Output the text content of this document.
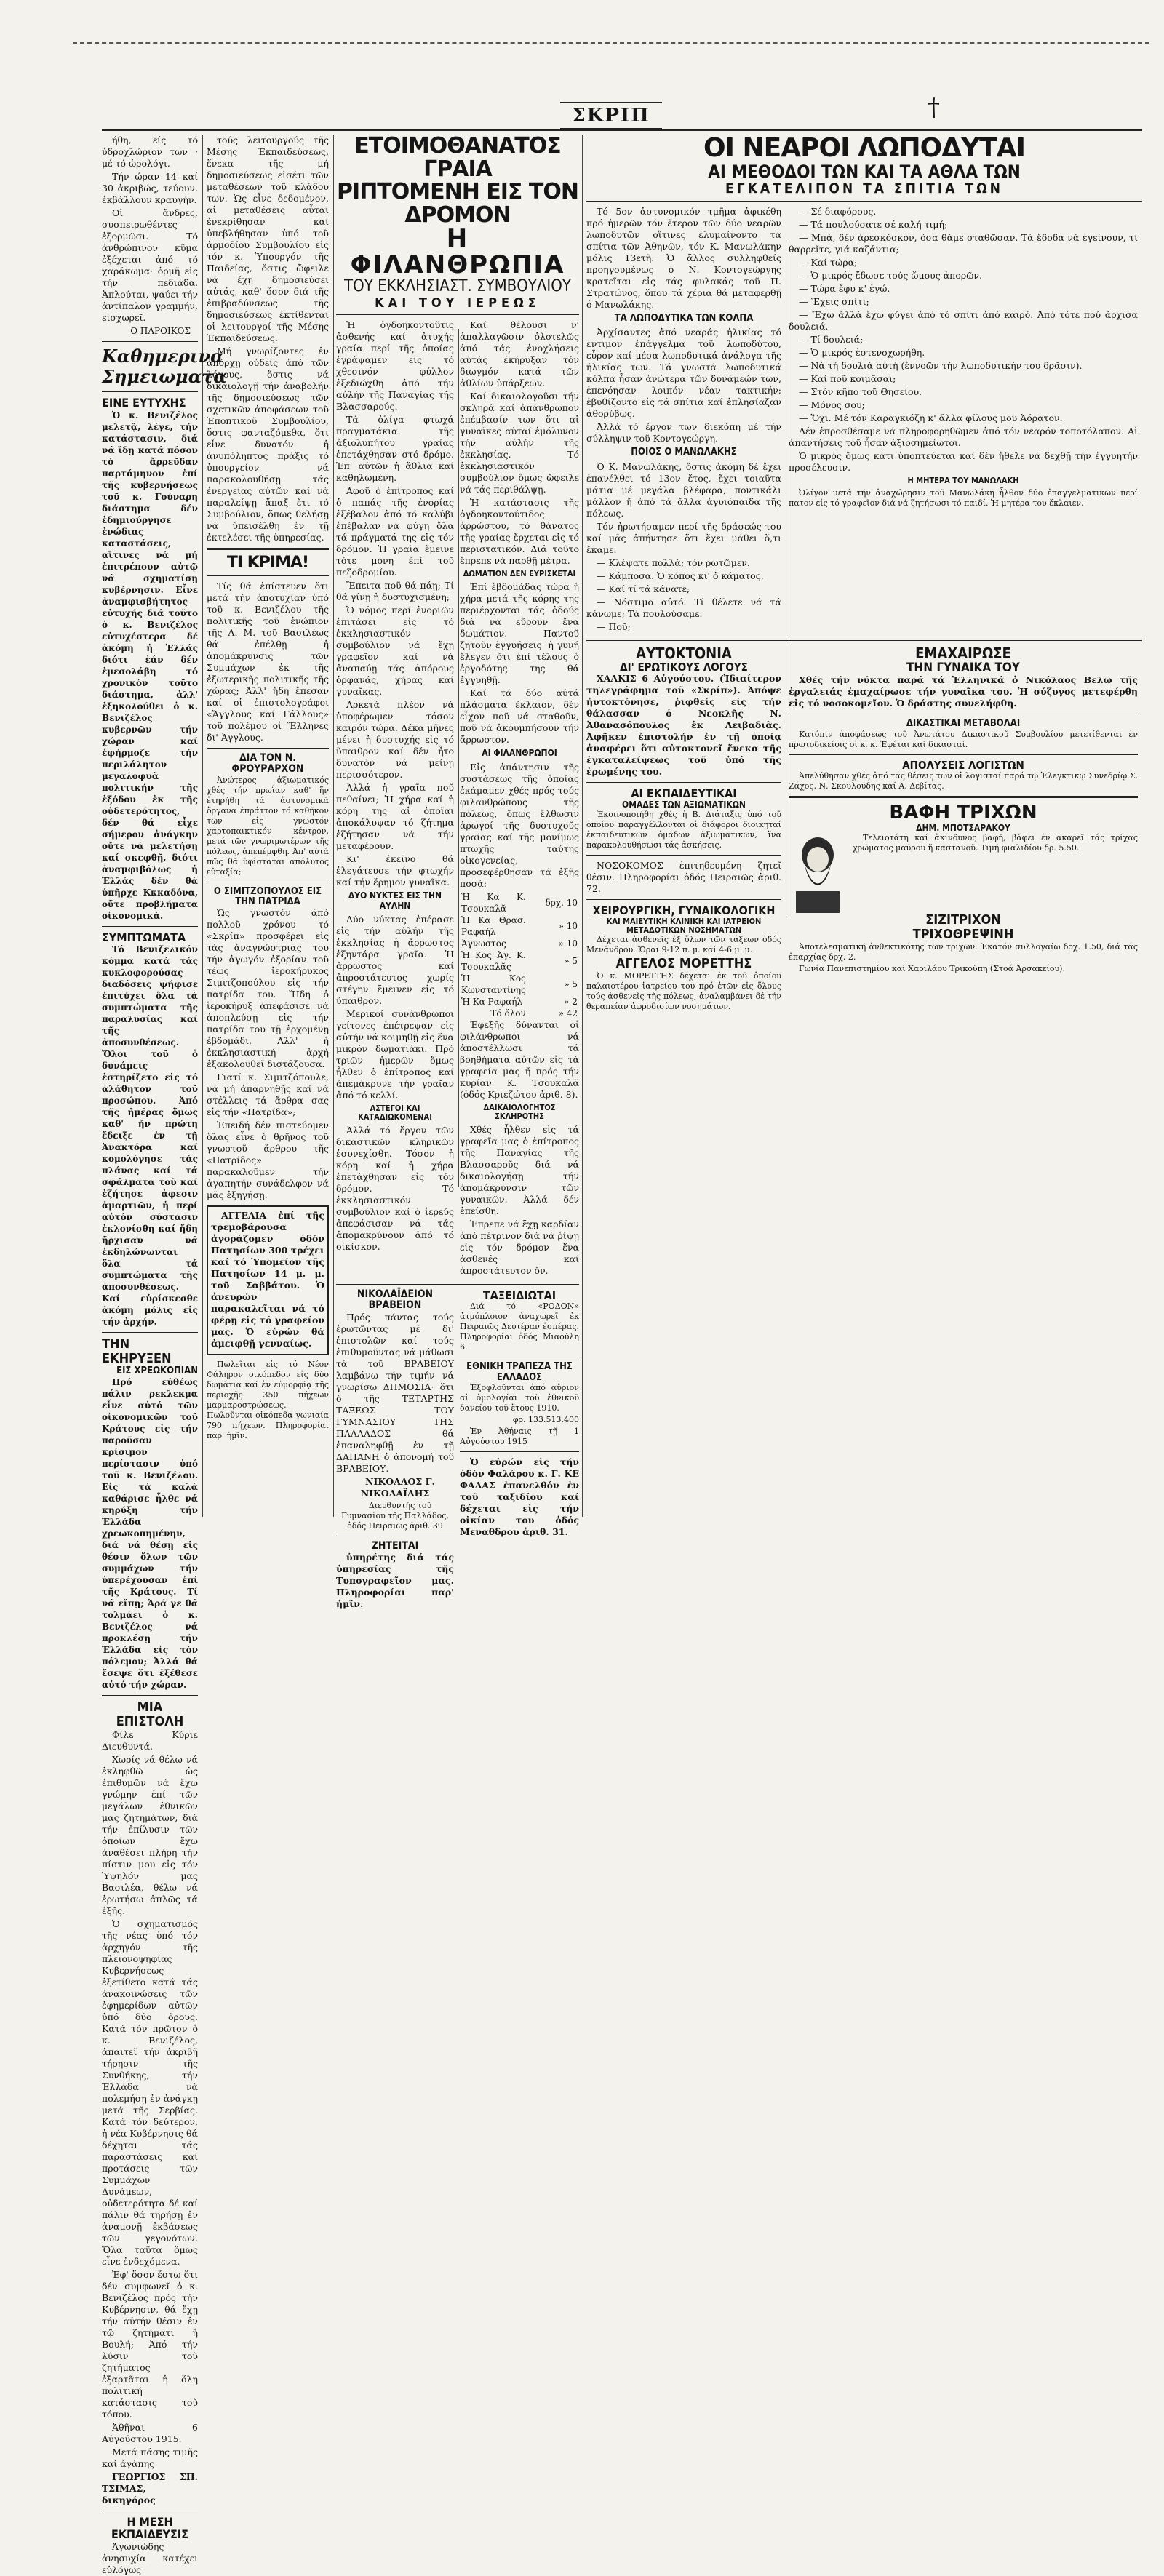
ΣΚΡΙΠ	†

ήθη, είς τό ὑδροχλώριον των · μέ τό ὡρολόγι.

Τήν ώραν 14 καί 30 ἀκριβώς, τεύουν. ἐκβάλλουν κραυγήν.

Οἱ ἄνδρες, συσπειρωθέντες ἐξορμῶσι. Τό ἀνθρώπινον κῦμα ἐξέχεται ἀπό τό χαράκωμα· ὁρμῆ εἰς τήν πεδιάδα. Ἀπλούται, ψαύει τήν ἀντίπαλον γραμμήν, εἰσχωρεῖ.

Ο ΠΑΡΟΙΚΟΣ
Καθημερινα
Σημειωματα
ΕΙΝΕ ΕΥΤΥΧΗΣ

Ὁ κ. Βενιζέλος μελετᾷ, λέγε, τήν κατάστασιν, διά νά ἴδῃ κατά πόσον τό ἄρρεῦδαν παρτάμηνον ἐπί τῆς κυβερνήσεως τοῦ κ. Γούναρη διάστημα δέν ἐδημιούργησε ἐνώδιας καταστάσεις, αἵτινες νά μή ἐπιτρέπουν αὐτῷ νά σχηματίσῃ κυβέρνησιν. Εἶνε ἀναμφισβήτητος εὐτυχής διά τοῦτο ὁ κ. Βενιζέλος εὐτυχέστερα δέ ἀκόμη ἡ Ἑλλάς διότι ἐάν δέν ἐμεσολάβη τό χρονικόν τοῦτο διάστημα, ἀλλ' ἐξηκολούθει ὁ κ. Βενιζέλος κυβερνῶν τήν χώραν καί ἐφήρμοζε τήν περιλάλητον μεγαλοφυᾶ πολιτικήν τῆς ἐξόδου ἐκ τῆς οὐδετερότητος, δέν θά εἶχε σήμερον ἀνάγκην οὔτε νά μελετήσῃ καί σκεφθῇ, διότι ἀναμφιβόλως ἡ Ἑλλάς δέν θά ὑπῆρχε Κκκαδόνα, οὔτε προβλήματα οἰκονομικά.

ΣΥΜΠΤΩΜΑΤΑ

Τό Βενιζελικόν κόμμα κατά τάς κυκλοφορούσας διαδόσεις ψήφισε ἐπιτύχει ὅλα τά συμπτώματα τῆς παραλυσίας καί τῆς ἀποσυνθέσεως. Ὅλοι τοῦ ὁ δυνάμεις ἐστηρίζετο εἰς τό ἀλάθητον τοῦ προσώπου. Ἀπό τῆς ἡμέρας ὅμως καθ' ἥν πρώτη ἔδειξε ἐν τῇ Ἀνακτόρα καί κομολόγησε τάς πλάνας καί τά σφάλματα τοῦ καί ἐζήτησε ἀφεσιν ἁμαρτιῶν, ἡ περί αὐτόν σύστασιν ἐκλονίσθη καί ἤδη ἤρχισαν νά ἐκδηλώνωνται ὅλα τά συμπτώματα τῆς ἀποσυνθέσεως. Καί εὑρίσκεσθε ἀκόμη μόλις εἰς τήν ἀρχήν.

ΤΗΝ ΕΚΗΡΥΞΕΝ
ΕΙΣ ΧΡΕΩΚΟΠΙΑΝ

Πρό εὐθέως πάλιν ρεκλεκμα εἶνε αὐτό τῶν οἰκονομικῶν τοῦ Κράτους εἰς τήν παροῦσαν κρίσιμον περίστασιν ὑπό τοῦ κ. Βενιζέλου. Εἰς τά καλά καθάρισε ἦλθε νά κηρύξη τήν Ἑλλάδα χρεωκοπημένην, διά νά θέσῃ εἰς θέσιν ὅλων τῶν συμμάχων τήν ὑπερέχουσαν ἐπί τῆς Κράτους. Τί νά εἴπῃ; Ἀρά γε θά τολμάει ὁ κ. Βενιζέλος νά προκλέσῃ τήν Ἑλλάδα εἰς τόν πόλεμον; Ἀλλά θά ἔσεψε ὅτι ἐξέθεσε αὐτό τήν χώραν.

ΜΙΑ ΕΠΙΣΤΟΛΗ

Φίλε Κύριε Διευθυντά,

Χωρίς νά θέλω νά ἐκληφθῶ ὡς ἐπιθυμῶν νά ἔχω γνώμην ἐπί τῶν μεγάλων ἐθνικῶν μας ζητημάτων, διά τήν ἐπίλυσιν τῶν ὁποίων ἔχω ἀναθέσει πλήρη τήν πίστιν μου εἰς τόν Ὑψηλόν μας Βασιλέα, θέλω νά ἐρωτήσω ἁπλῶς τά ἑξῆς.

Ὁ σχηματισμός τῆς νέας ὑπό τόν ἀρχηγόν τῆς πλειονοψηφίας Κυβερνήσεως ἐξετίθετο κατά τάς ἀνακοινώσεις τῶν ἐφημερίδων αὐτῶν ὑπό δύο ὄρους. Κατά τόν πρῶτον ὁ κ. Βενιζέλος, ἀπαιτεῖ τήν ἀκριβῆ τήρησιν τῆς Συνθήκης, τήν Ἑλλάδα νά πολεμήσῃ ἐν ἀνάγκῃ μετά τῆς Σερβίας. Κατά τόν δεύτερον, ἡ νέα Κυβέρνησις θά δέχηται τάς παραστάσεις καί προτάσεις τῶν Συμμάχων Δυνάμεων, οὐδετερότητα δέ καί πάλιν θά τηρήσῃ ἐν ἀναμονῇ ἐκβάσεως τῶν γεγονότων. Ὅλα ταῦτα ὅμως εἶνε ἐνδεχόμενα.

Ἐφ' ὅσον ἔστω ὅτι δέν συμφωνεῖ ὁ κ. Βενιζέλος πρός τήν Κυβέρνησιν, θά ἔχῃ τήν αὐτήν θέσιν ἐν τῷ ζητήματι ἡ Βουλή; Ἀπό τήν λύσιν τοῦ ζητήματος ἐξαρτᾶται ἡ ὅλη πολιτική κατάστασις τοῦ τόπου.

Ἀθῆναι 6 Αὐγούστου 1915.

Μετά πάσης τιμῆς καί ἀγάπης

ΓΕΩΡΓΙΟΣ ΣΠ. ΤΣΙΜΑΣ, δικηγόρος

Η ΜΕΣΗ ΕΚΠΑΙΔΕΥΣΙΣ

Ἀγωνιώδης ἀνησυχία κατέχει εὐλόγως

τούς λειτουργούς τῆς Μέσης Ἐκπαιδεύσεως, ἕνεκα τῆς μή δημοσιεύσεως εἰσέτι τῶν μεταθέσεων τοῦ κλάδου των. Ὡς εἶνε δεδομένον, αἱ μεταθέσεις αὗται ἐνεκρίθησαν καί ὑπεβλήθησαν ὑπό τοῦ ἁρμοδίου Συμβουλίου εἰς τόν κ. Ὑπουργόν τῆς Παιδείας, ὅστις ὤφειλε νά ἔχῃ δημοσιεύσει αὐτάς, καθ' ὅσον διά τῆς ἐπιβραδύνσεως τῆς δημοσιεύσεως ἐκτίθενται οἱ λειτουργοί τῆς Μέσης Ἐκπαιδεύσεως.

Μή γνωρίζοντες ἐν ἀπόρχῃ οὐδείς ἀπό τῶν λόγους, ὅστις νά δικαιολογῇ τήν ἀναβολήν τῆς δημοσιεύσεως τῶν σχετικῶν ἀποφάσεων τοῦ Ἐποπτικοῦ Συμβουλίου, ὅστις φανταζόμεθα, ὅτι εἶνε δυνατόν ἡ ἀνυπόληπτος πράξις τό ὑπουργείον νά παρακολουθήσῃ τάς ἐνεργείας αὐτῶν καί νά παραλείψῃ ἄπαξ ἔτι τό Συμβούλιον, ὅπως θελήσῃ νά ὑπεισέλθῃ ἐν τῇ ἐκτελέσει τῆς ὑπηρεσίας.

ΤΙ ΚΡΙΜΑ!

Τίς θά ἐπίστευεν ὅτι μετά τήν ἀποτυχίαν ὑπό τοῦ κ. Βενιζέλου τῆς πολιτικῆς τοῦ ἐνώπιον τῆς Α. Μ. τοῦ Βασιλέως θά ἐπέλθῃ ἡ ἀπομάκρυνσις τῶν Συμμάχων ἐκ τῆς ἐξωτερικῆς πολιτικῆς τῆς χώρας; Ἀλλ' ἤδη ἔπεσαν καί οἱ ἐπιστολογράφοι «Ἄγγλους καί Γάλλους» τοῦ πολέμου οἱ Ἕλληνες δι' Ἀγγλους.

ΔΙΑ ΤΟΝ Ν. ΦΡΟΥΡΑΡΧΟΝ

Ἀνώτερος ἀξιωματικός χθές τήν πρωΐαν καθ' ἥν ἐτηρήθη τά ἀστυνομικά ὄργανα ἐπράττον τό καθῆκον των εἰς γνωστόν χαρτοπαικτικόν κέντρον, μετά τῶν γνωριμωτέρων τῆς πόλεως, ἀπεπέμφθη. Ἀπ' αὐτά πῶς θά ὑφίσταται ἀπόλυτος εὐταξία;

Ο ΣΙΜΙΤΖΟΠΟΥΛΟΣ ΕΙΣ ΤΗΝ ΠΑΤΡΙΔΑ

Ὡς γνωστόν ἀπό πολλοῦ χρόνου τό «Σκρίπ» προσφέρει εἰς τάς ἀναγνώστριας του τήν ἀγωγόν ἐξορίαν τοῦ τέως ἱεροκήρυκος Σιμιτζοπούλου εἰς τήν πατρίδα του. Ἤδη ὁ ἱεροκήρυξ ἀπεφάσισε νά ἀποπλεύσῃ εἰς τήν πατρίδα του τῇ ἐρχομένῃ ἑβδομάδι. Ἀλλ' ἡ ἐκκλησιαστική ἀρχή ἐξακολουθεῖ διστάζουσα.

Γιατί κ. Σιμιτζόπουλε, νά μή ἀπαρνηθῇς καί νά στέλλεις τά ἄρθρα σας εἰς τήν «Πατρίδα»;

Ἐπειδή δέν πιστεύομεν ὅλας εἶνε ὁ θρῆνος τοῦ γνωστοῦ ἄρθρου τῆς «Πατρίδος» παρακαλοῦμεν τήν ἀγαπητήν συνάδελφον νά μᾶς ἐξηγήσῃ.

ΑΓΓΕΛΙΑ ἐπί τῆς τρεμοβάρουσα ἀγοράζομεν ὁδόν Πατησίων 300 τρέχει καί τό Ὑπομείον τῆς Πατησίων 14 μ. μ. τοῦ Σαββάτου. Ὁ ἀνευρών παρακαλεῖται νά τό φέρῃ εἰς τό γραφείον μας. Ὁ εὑρών θά ἀμειφθῇ γενναίως.

Πωλεῖται εἰς τό Νέον Φάληρον οἰκόπεδον εἰς δύο δωμάτια καί ἐν εὐμορφίᾳ τῆς περιοχῆς 350 πήχεων μαρμαροστρώσεως. Πωλοῦνται οἰκόπεδα γωνιαία 790 πήχεων. Πληροφορίαι παρ' ἡμῖν.

ΕΤΟΙΜΟΘΑΝΑΤΟΣ ΓΡΑΙΑ
ΡΙΠΤΟΜΕΝΗ ΕΙΣ ΤΟΝ ΔΡΟΜΟΝ
Η ΦΙΛΑΝΘΡΩΠΙΑ
ΤΟΥ ΕΚΚΛΗΣΙΑΣΤ. ΣΥΜΒΟΥΛΙΟΥ
ΚΑΙ ΤΟΥ ΙΕΡΕΩΣ

Ἡ ὀγδοηκοντοῦτις ἀσθενής καί ἀτυχής γραία περί τῆς ὁποίας ἐγράψαμεν εἰς τό χθεσινόν φύλλον ἐξεδιώχθη ἀπό τήν αὐλήν τῆς Παναγίας τῆς Βλασσαρούς.

Τά ὀλίγα φτωχά πραγματάκια τῆς ἀξιολυπήτου γραίας ἐπετάχθησαν στό δρόμο. Ἐπ' αὐτῶν ἡ ἄθλια καί καθηλωμένη.

Ἀφοῦ ὁ ἐπίτροπος καί ὁ παπάς τῆς ἐνορίας ἐξέβαλον ἀπό τό καλύβι ἐπέβαλαν νά φύγῃ ὅλα τά πράγματά της εἰς τόν δρόμον. Ἡ γραῖα ἔμεινε τότε μόνη ἐπί τοῦ πεζοδρομίου.

Ἔπειτα ποῦ θά πάῃ; Τί θά γίνῃ ἡ δυστυχισμένη;

Ὁ νόμος περί ἐνοριῶν ἐπιτάσει εἰς τό ἐκκλησιαστικόν συμβούλιον νά ἔχῃ γραφεῖον καί νά ἀναπαύῃ τάς ἀπόρους ὀρφανάς, χήρας καί γυναῖκας.

Ἀρκετά πλέον νά ὑποφέρωμεν τόσον καιρόν τώρα. Δέκα μῆνες μένει ἡ δυστυχής εἰς τό ὕπαιθρον καί δέν ἦτο δυνατόν νά μείνῃ περισσότερον.

Ἀλλά ἡ γραῖα ποῦ πεθαίνει; Ἡ χήρα καί ἡ κόρη της αἱ ὁποῖαι ἀποκάλυψαν τό ζήτημα ἐζήτησαν νά τήν μεταφέρουν.

Κι' ἐκεῖνο θά ἐλεγάτευσε τήν φτωχήν καί τήν ἔρημον γυναῖκα.

ΔΥΟ ΝΥΚΤΕΣ ΕΙΣ ΤΗΝ ΑΥΛΗΝ

Δύο νύκτας ἐπέρασε εἰς τήν αὐλήν τῆς ἐκκλησίας ἡ ἄρρωστος ἐξηντάρα γραῖα. Ἡ ἄρρωστος καί ἀπροστάτευτος χωρίς στέγην ἔμεινεν εἰς τό ὕπαιθρον.

Μερικοί συνάνθρωποι γείτονες ἐπέτρεψαν εἰς αὐτήν νά κοιμηθῇ εἰς ἕνα μικρόν δωματιάκι. Πρό τριῶν ἡμερῶν ὅμως ἦλθεν ὁ ἐπίτροπος καί ἀπεμάκρυνε τήν γραῖαν ἀπό τό κελλί.

ΑΣΤΕΓΟΙ ΚΑΙ ΚΑΤΑΔΙΩΚΟΜΕΝΑΙ

Ἀλλά τό ἔργον τῶν δικαστικῶν κληρικῶν ἐσυνεχίσθη. Τόσον ἡ κόρη καί ἡ χήρα ἐπετάχθησαν εἰς τόν δρόμον. Τό ἐκκλησιαστικόν συμβούλιον καί ὁ ἱερεύς ἀπεφάσισαν νά τάς ἀπομακρύνουν ἀπό τό οἰκίσκον.

Καί θέλουσι ν' ἀπαλλαγῶσιν ὁλοτελῶς ἀπό τάς ἐνοχλήσεις αὐτάς ἐκήρυξαν τόν διωγμόν κατά τῶν ἀθλίων ὑπάρξεων.

Καί δικαιολογοῦσι τήν σκληρά καί ἀπάνθρωπον ἐπέμβασίν των ὅτι αἱ γυναῖκες αὐταί ἐμόλυνον τήν αὐλήν τῆς ἐκκλησίας. Τό ἐκκλησιαστικόν συμβούλιον ὅμως ὤφειλε νά τάς περιθάλψῃ.

Ἡ κατάστασις τῆς ὀγδοηκοντούτιδος ἀρρώστου, τό θάνατος τῆς γραίας ἔρχεται εἰς τό περιστατικόν. Διά τοῦτο ἔπρεπε νά παρθῇ μέτρα.

ΔΩΜΑΤΙΟΝ ΔΕΝ ΕΥΡΙΣΚΕΤΑΙ

Ἐπί ἑβδομάδας τώρα ἡ χήρα μετά τῆς κόρης της περιέρχονται τάς ὁδούς διά νά εὕρουν ἕνα δωμάτιον. Παντοῦ ζητοῦν ἐγγυήσεις· ἡ γυνή ἔλεγεν ὅτι ἐπί τέλους ὁ ἐργοδότης της θά ἐγγυηθῇ.

Καί τά δύο αὐτά πλάσματα ἔκλαιον, δέν εἶχον ποῦ νά σταθοῦν, ποῦ νά ἀκουμπήσουν τήν ἄρρωστον.

ΑΙ ΦΙΛΑΝΘΡΩΠΟΙ

Εἰς ἀπάντησιν τῆς συστάσεως τῆς ὁποίας ἐκάμαμεν χθές πρός τούς φιλανθρώπους τῆς πόλεως, ὅπως ἔλθωσιν ἀρωγοί τῆς δυστυχοῦς γραίας καί τῆς μονίμως πτωχῆς ταύτης οἰκογενείας, προσεφέρθησαν τά ἑξῆς ποσά:

Ἡ Κα Κ. Τσουκαλᾶ	δρχ. 10
Ἡ Κα Θρασ. Ραφαήλ	» 10
Ἀγνωστος	» 10
Ἡ Κος Ἀγ. Κ. Τσουκαλᾶς	» 5
Ἡ Κος Κωνσταντίνης	» 5
Ἡ Κα Ραφαήλ	» 2
Τό ὅλον	» 42

Ἐφεξῆς δύνανται οἱ φιλάνθρωποι νά ἀποστέλλωσι τά βοηθήματα αὐτῶν εἰς τά γραφεία μας ἤ πρός τήν κυρίαν Κ. Τσουκαλᾶ (ὁδός Κριεζώτου ἀριθ. 8).

ΔΑΙΚΑΙΟΛΟΓΗΤΟΣ ΣΚΛΗΡΟΤΗΣ

Χθές ἦλθεν εἰς τά γραφεῖα μας ὁ ἐπίτροπος τῆς Παναγίας τῆς Βλασσαροῦς διά νά δικαιολογήσῃ τήν ἀπομάκρυνσιν τῶν γυναικῶν. Ἀλλά δέν ἐπείσθη.

Ἐπρεπε νά ἔχῃ καρδίαν ἀπό πέτρινον διά νά ῥίψῃ εἰς τόν δρόμον ἕνα ἀσθενές καί ἀπροστάτευτον ὄν.

ΝΙΚΟΛΑΪΔΕΙΟΝ ΒΡΑΒΕΙΟΝ

Πρός πάντας τούς ἐρωτῶντας μέ δι' ἐπιστολῶν καί τούς ἐπιθυμοῦντας νά μάθωσι τά τοῦ ΒΡΑΒΕΙΟΥ λαμβάνω τήν τιμήν νά γνωρίσω ΔΗΜΟΣΙΑ· ὅτι ὁ τῆς ΤΕΤΑΡΤΗΣ ΤΑΞΕΩΣ ΤΟΥ ΓΥΜΝΑΣΙΟΥ ΤΗΣ ΠΑΛΛΑΔΟΣ θά ἐπαναληφθῇ ἐν τῇ ΔΑΠΑΝΗ ὁ ἀπονομή τοῦ ΒΡΑΒΕΙΟΥ.

ΝΙΚΟΛΑΟΣ Γ. ΝΙΚΟΛΑΪΔΗΣ

Διευθυντής τοῦ Γυμνασίου τῆς Παλλάδος, ὁδός Πειραιῶς ἀριθ. 39

ΖΗΤΕΙΤΑΙ

ὑπηρέτης διά τάς ὑπηρεσίας τῆς Τυπογραφεῖον μας. Πληροφορίαι παρ' ἡμῖν.

ΤΑΞΕΙΔΙΩΤΑΙ

Διά τό «ΡΟΔΟΝ» ἀτμόπλοιον ἀναχωρεῖ ἐκ Πειραιῶς Δευτέραν ἑσπέρας. Πληροφορίαι ὁδός Μιαούλη 6.

ΕΘΝΙΚΗ ΤΡΑΠΕΖΑ ΤΗΣ ΕΛΛΑΔΟΣ

Ἐξοφλοῦνται ἀπό αὔριον αἱ ὁμολογίαι τοῦ ἐθνικοῦ δανείου τοῦ ἔτους 1910.

φρ. 133.513.400

Ἐν Ἀθήναις τῇ 1 Αὐγούστου 1915

Ὁ εὑρών εἰς τήν ὁδόν Φαλάρου κ. Γ. ΚΕ ΦΑΛΑΣ ἐπανελθόν ἐν τοῦ ταξιδίου καί δέχεται εἰς τήν οἰκίαν του ὁδός Μεναθδρου ἀριθ. 31.

ΟΙ ΝΕΑΡΟΙ ΛΩΠΟΔΥΤΑΙ
ΑΙ ΜΕΘΟΔΟΙ ΤΩΝ ΚΑΙ ΤΑ ΑΘΛΑ ΤΩΝ
ΕΓΚΑΤΕΛΙΠΟΝ ΤΑ ΣΠΙΤΙΑ ΤΩΝ

Τό 5ον ἀστυνομικόν τμῆμα ἀφικέθη πρό ἡμερῶν τόν ἕτερον τῶν δύο νεαρῶν λωποδυτῶν οἵτινες ἐλυμαίνοντο τά σπίτια τῶν Ἀθηνῶν, τόν Κ. Μανωλάκην μόλις 13ετῆ. Ὁ ἄλλος συλληφθείς προηγουμένως ὁ Ν. Κοντογεώργης κρατεῖται εἰς τάς φυλακάς τοῦ Π. Στρατώνος, ὅπου τά χέρια θά μεταφερθῇ ὁ Μανωλάκης.

ΤΑ ΛΩΠΟΔΥΤΙΚΑ ΤΩΝ ΚΟΛΠΑ

Ἀρχίσαντες ἀπό νεαράς ἡλικίας τό ἐντιμον ἐπάγγελμα τοῦ λωποδύτου, εὗρον καί μέσα λωποδυτικά ἀνάλογα τῆς ἡλικίας των. Τά γνωστά λωποδυτικά κόλπα ἦσαν ἀνώτερα τῶν δυνάμεών των, ἐπενόησαν λοιπόν νέαν τακτικήν: ἐβυθίζοντο εἰς τά σπίτια καί ἐπλησίαζαν ἀθορύβως.

Ἀλλά τό ἔργον των διεκόπη μέ τήν σύλληψιν τοῦ Κοντογεώργη.

ΠΟΙΟΣ Ο ΜΑΝΩΛΑΚΗΣ

Ὁ Κ. Μανωλάκης, ὅστις ἀκόμη δέ ἔχει ἐπανέλθει τό 13ον ἔτος, ἔχει τοιαῦτα μάτια μέ μεγάλα βλέφαρα, ποντικάλι μάλλον ἤ ἀπό τά ἄλλα ἀγυιόπαιδα τῆς πόλεως.

Τόν ἠρωτήσαμεν περί τῆς δράσεώς του καί μᾶς ἀπήντησε ὅτι ἔχει μάθει ὅ,τι ἔκαμε.

— Κλέψατε πολλά; τόν ρωτῶμεν.

— Κάμποσα. Ὁ κόπος κι' ὁ κάματος.

— Καί τί τά κάνατε;

— Νόστιμο αὐτό. Τί θέλετε νά τά κάνωμε; Τά πουλούσαμε.

— Ποῦ;

— Σέ διαφόρους.

— Τά πουλούσατε σέ καλή τιμή;

— Μπά, δέν ἀρεσκόσκον, ὅσα θάμε σταθῶσαν. Τά ἔδοδα νά ἐγείνουν, τί θαρρεῖτε, γιά καζάντια;

— Καί τώρα;

— Ὁ μικρός ἔδωσε τούς ὤμους ἀπορῶν.

— Τώρα ἔφυ κ' ἐγώ.

— Ἔχεις σπίτι;

— Ἔχω ἀλλά ἔχω φύγει ἀπό τό σπίτι ἀπό καιρό. Ἀπό τότε πού ἄρχισα δουλειά.

— Τί δουλειά;

— Ὁ μικρός ἐστενοχωρήθη.

— Νά τή δουλιά αὐτή (ἐννοῶν τήν λωποδυτικήν του δρᾶσιν).

— Καί ποῦ κοιμᾶσαι;

— Στόν κῆπο τοῦ Θησείου.

— Μόνος σου;

— Ὄχι. Μέ τόν Καραγκιόζη κ' ἄλλα φίλους μου Ἀόρατον.

Δέν ἐπροσθέσαμε νά πληροφορηθῶμεν ἀπό τόν νεαρόν τοποτόλαπον. Αἱ ἀπαντήσεις τοῦ ἦσαν ἀξιοσημείωτοι.

Ὁ μικρός ὅμως κάτι ὑποπτεύεται καί δέν ἤθελε νά δεχθῇ τήν ἐγγυητήν προσέλευσιν.

Η ΜΗΤΕΡΑ ΤΟΥ ΜΑΝΩΛΑΚΗ

Ὀλίγον μετά τήν ἀναχώρησιν τοῦ Μανωλάκη ἦλθον δύο ἐπαγγελματικῶν περί πατον εἰς τό γραφεῖον διά νά ζητήσωσι τό παιδί. Ἡ μητέρα του ἔκλαιεν.

ΑΥΤΟΚΤΟΝΙΑ
ΔΙ' ΕΡΩΤΙΚΟΥΣ ΛΟΓΟΥΣ

ΧΑΛΚΙΣ 6 Αὐγούστου. (Ἰδιαίτερον τηλεγράφημα τοῦ «Σκρίπ»). Ἀπόψε ἠυτοκτόνησε, ῥιφθείς εἰς τήν θάλασσαν ὁ Νεοκλῆς Ν. Ἀθανασόπουλος ἐκ Λειβαδιᾶς. Ἀφῆκεν ἐπιστολήν ἐν τῇ ὁποίᾳ ἀναφέρει ὅτι αὐτοκτονεῖ ἕνεκα τῆς ἐγκαταλείψεως τοῦ ὑπό τῆς ἐρωμένης του.

ΑΙ ΕΚΠΑΙΔΕΥΤΙΚΑΙ
ΟΜΑΔΕΣ ΤΩΝ ΑΞΙΩΜΑΤΙΚΩΝ

Ἐκοινοποιήθη χθές ἡ Β. Διάταξις ὑπό τοῦ ὁποίου παραγγέλλονται οἱ διάφοροι διοικηταί ἐκπαιδευτικῶν ὁμάδων ἀξιωματικῶν, ἵνα παρακολουθήσωσι τάς ἀσκήσεις.

ΝΟΣΟΚΟΜΟΣ ἐπιτηδευμένη ζητεῖ θέσιν. Πληροφορίαι ὁδός Πειραιῶς ἀριθ. 72.

ΧΕΙΡΟΥΡΓΙΚΗ, ΓΥΝΑΙΚΟΛΟΓΙΚΗ
ΚΑΙ ΜΑΙΕΥΤΙΚΗ ΚΛΙΝΙΚΗ ΚΑΙ ΙΑΤΡΕΙΟΝ ΜΕΤΑΔΟΤΙΚΩΝ ΝΟΣΗΜΑΤΩΝ

Δέχεται ἀσθενεῖς ἐξ ὅλων τῶν τάξεων ὁδός Μενάνδρου. Ὥραι 9-12 π. μ. καί 4-6 μ. μ.

ΑΓΓΕΛΟΣ ΜΟΡΕΤΤΗΣ

Ὁ κ. ΜΟΡΕΤΤΗΣ δέχεται ἐκ τοῦ ὁποίου παλαιοτέρου ἰατρείου του πρό ἐτῶν εἰς ὅλους τούς ἀσθενεῖς τῆς πόλεως, ἀναλαμβάνει δέ τήν θεραπείαν ἀφροδισίων νοσημάτων.

ΕΜΑΧΑΙΡΩΣΕ
ΤΗΝ ΓΥΝΑΙΚΑ ΤΟΥ

Χθές τήν νύκτα παρά τά Ἑλληνικά ὁ Νικόλαος Βελω τῆς ἐργαλειάς ἐμαχαίρωσε τήν γυναῖκα του. Ἡ σύζυγος μετεφέρθη εἰς τό νοσοκομεῖον. Ὁ δράστης συνελήφθη.

ΔΙΚΑΣΤΙΚΑΙ ΜΕΤΑΒΟΛΑΙ

Κατόπιν ἀποφάσεως τοῦ Ἀνωτάτου Δικαστικοῦ Συμβουλίου μετετίθενται ἐν πρωτοδικείοις οἱ κ. κ. Ἐφέται καί δικασταί.

ΑΠΟΛΥΣΕΙΣ ΛΟΓΙΣΤΩΝ

Ἀπελύθησαν χθές ἀπό τάς θέσεις των οἱ λογισταί παρά τῷ Ἐλεγκτικῷ Συνεδρίῳ Σ. Ζάχος, Ν. Σκουλούδης καί Α. Δεβίτας.

ΒΑΦΗ ΤΡΙΧΩΝ
ΔΗΜ. ΜΠΟΤΣΑΡΑΚΟΥ

Τελειοτάτη καί ἀκίνδυνος βαφή, βάφει ἐν ἀκαρεῖ τάς τρίχας χρώματος μαύρου ἤ καστανοῦ. Τιμή φιαλιδίου δρ. 5.50.

ΣΙΖΙΤΡΙΧΟΝ
ΤΡΙΧΟΘΡΕΨΙΝΗ

Ἀποτελεσματική ἀνθεκτικότης τῶν τριχῶν. Ἐκατόν συλλογαίω δρχ. 1.50, διά τάς ἐπαρχίας δρχ. 2.

Γωνία Πανεπιστημίου καί Χαριλάου Τρικούπη (Στοά Ἀρσακείου).
